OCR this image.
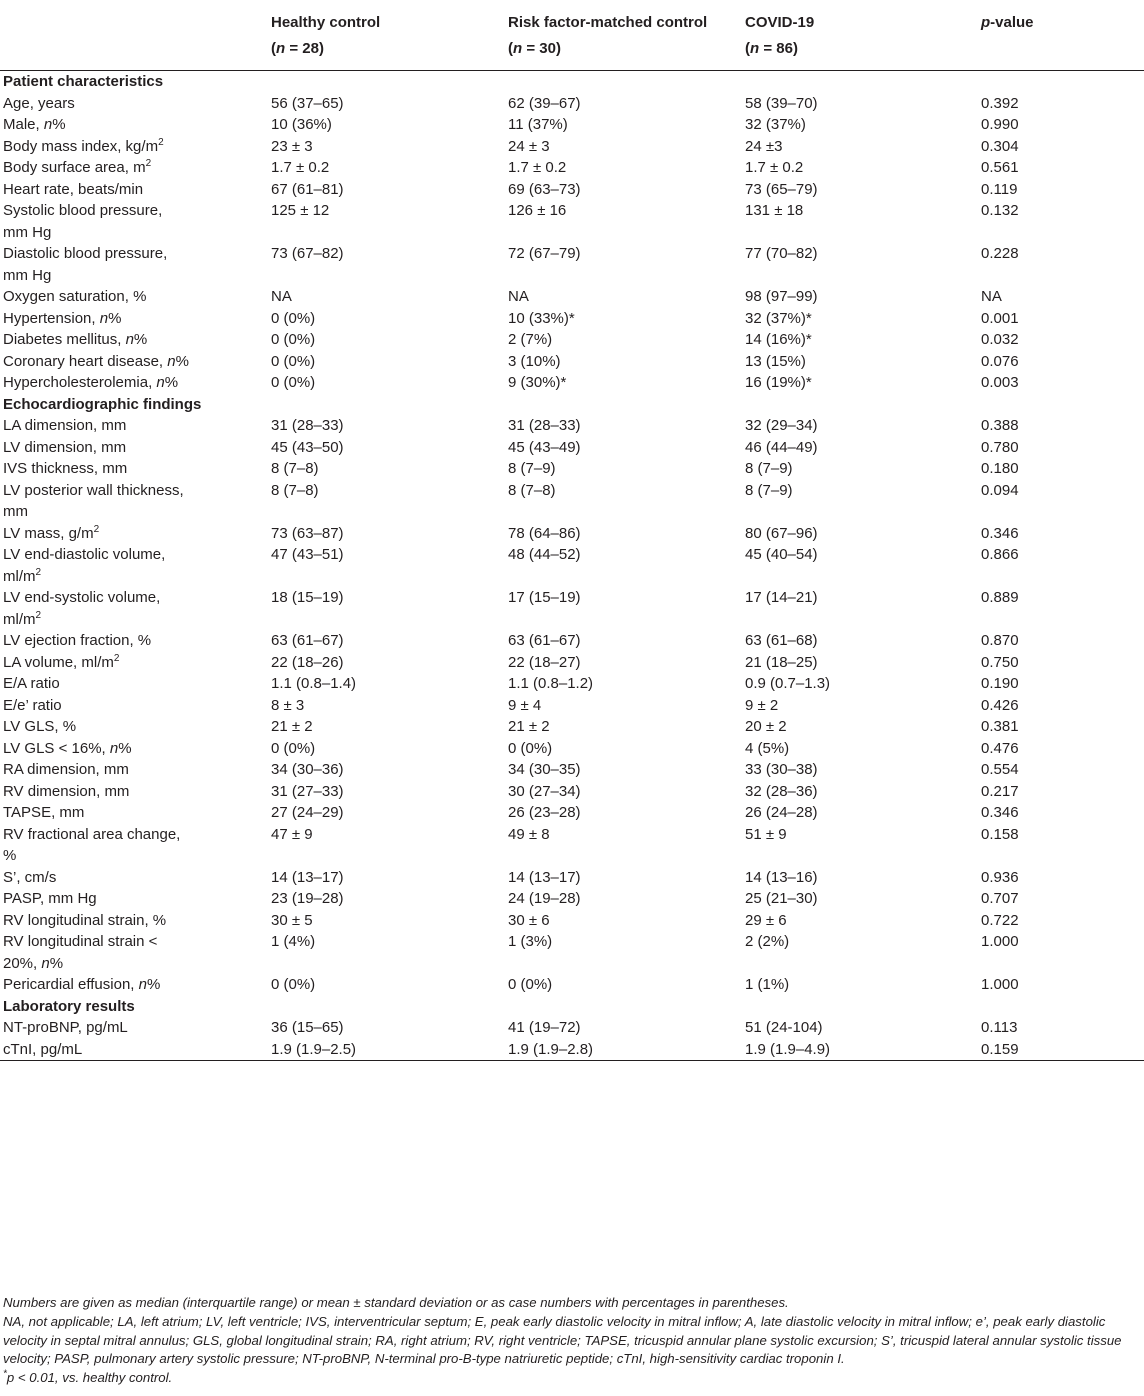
	Healthy control	Risk factor-matched control	COVID-19	p-value
	(n = 28)	(n = 30)	(n = 86)	
Patient characteristics				
Age, years	56 (37–65)	62 (39–67)	58 (39–70)	0.392
Male, n%	10 (36%)	11 (37%)	32 (37%)	0.990
Body mass index, $kg/m^2$	23 ± 3	24 ± 3	24 ±3	0.304
Body surface area, $m^2$	1.7 ± 0.2	1.7 ± 0.2	1.7 ± 0.2	0.561
Heart rate, beats/min	67 (61–81)	69 (63–73)	73 (65–79)	0.119
Systolic blood pressure,
mm Hg	125 ± 12	126 ± 16	131 ± 18	0.132
Diastolic blood pressure,
mm Hg	73 (67–82)	72 (67–79)	77 (70–82)	0.228
Oxygen saturation, %	NA	NA	98 (97–99)	NA
Hypertension, n%	0 (0%)	10 (33%)*	32 (37%)*	0.001
Diabetes mellitus, n%	0 (0%)	2 (7%)	14 (16%)*	0.032
Coronary heart disease, n%	0 (0%)	3 (10%)	13 (15%)	0.076
Hypercholesterolemia, n%	0 (0%)	9 (30%)*	16 (19%)*	0.003
Echocardiographic findings				
LA dimension, mm	31 (28–33)	31 (28–33)	32 (29–34)	0.388
LV dimension, mm	45 (43–50)	45 (43–49)	46 (44–49)	0.780
IVS thickness, mm	8 (7–8)	8 (7–9)	8 (7–9)	0.180
LV posterior wall thickness,
mm	8 (7–8)	8 (7–8)	8 (7–9)	0.094
LV mass, $g/m^2$	73 (63–87)	78 (64–86)	80 (67–96)	0.346
LV end-diastolic volume,
$ml/m^2$	47 (43–51)	48 (44–52)	45 (40–54)	0.866
LV end-systolic volume,
$ml/m^2$	18 (15–19)	17 (15–19)	17 (14–21)	0.889
LV ejection fraction, %	63 (61–67)	63 (61–67)	63 (61–68)	0.870
LA volume, $ml/m^2$	22 (18–26)	22 (18–27)	21 (18–25)	0.750
E/A ratio	1.1 (0.8–1.4)	1.1 (0.8–1.2)	0.9 (0.7–1.3)	0.190
E/e’ ratio	8 ± 3	9 ± 4	9 ± 2	0.426
LV GLS, %	21 ± 2	21 ± 2	20 ± 2	0.381
LV GLS < 16%, n%	0 (0%)	0 (0%)	4 (5%)	0.476
RA dimension, mm	34 (30–36)	34 (30–35)	33 (30–38)	0.554
RV dimension, mm	31 (27–33)	30 (27–34)	32 (28–36)	0.217
TAPSE, mm	27 (24–29)	26 (23–28)	26 (24–28)	0.346
RV fractional area change,
%	47 ± 9	49 ± 8	51 ± 9	0.158
S’, cm/s	14 (13–17)	14 (13–17)	14 (13–16)	0.936
PASP, mm Hg	23 (19–28)	24 (19–28)	25 (21–30)	0.707
RV longitudinal strain, %	30 ± 5	30 ± 6	29 ± 6	0.722
RV longitudinal strain <
20%, n%	1 (4%)	1 (3%)	2 (2%)	1.000
Pericardial effusion, n%	0 (0%)	0 (0%)	1 (1%)	1.000
Laboratory results				
NT-proBNP, pg/mL	36 (15–65)	41 (19–72)	51 (24-104)	0.113
cTnI, pg/mL	1.9 (1.9–2.5)	1.9 (1.9–2.8)	1.9 (1.9–4.9)	0.159

Numbers are given as median (interquartile range) or mean ± standard deviation or as case numbers with percentages in parentheses.

NA, not applicable; LA, left atrium; LV, left ventricle; IVS, interventricular septum; E, peak early diastolic velocity in mitral inflow; A, late diastolic velocity in mitral inflow; e’, peak early diastolic velocity in septal mitral annulus; GLS, global longitudinal strain; RA, right atrium; RV, right ventricle; TAPSE, tricuspid annular plane systolic excursion; S’, tricuspid lateral annular systolic tissue velocity; PASP, pulmonary artery systolic pressure; NT-proBNP, N-terminal pro-B-type natriuretic peptide; cTnI, high-sensitivity cardiac troponin I.

*p < 0.01, vs. healthy control.
